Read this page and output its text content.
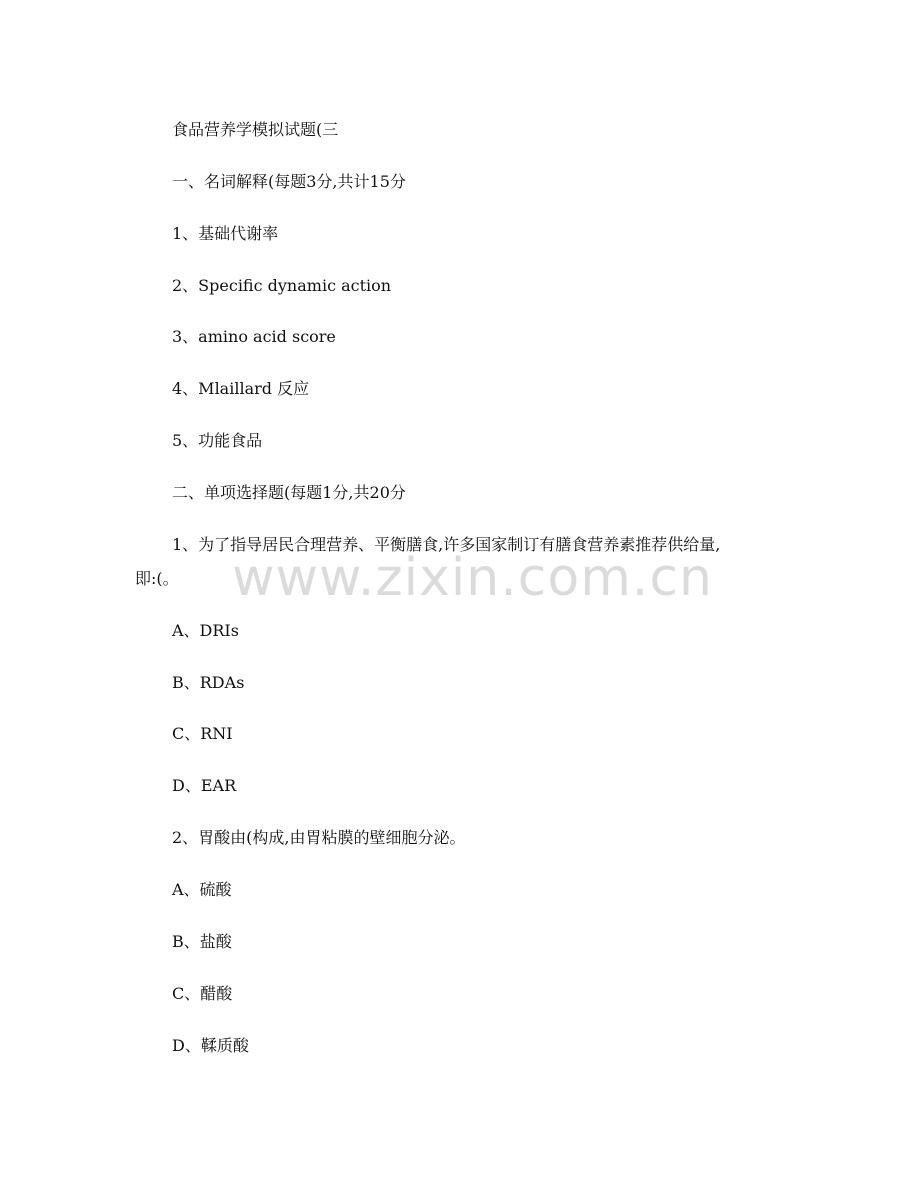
食品营养学模拟试题(三
一、名词解释(每题3分,共计15分
1、基础代谢率
2、Specific dynamic action
3、amino acid score
4、Mlaillard 反应
5、功能食品
二、单项选择题(每题1分,共20分
1、为了指导居民合理营养、平衡膳食,许多国家制订有膳食营养素推荐供给量,
即:(。
A、DRIs
B、RDAs
C、RNI
D、EAR
2、胃酸由(构成,由胃粘膜的壁细胞分泌。
A、硫酸
B、盐酸
C、醋酸
D、鞣质酸
www.zixin.com.cn
